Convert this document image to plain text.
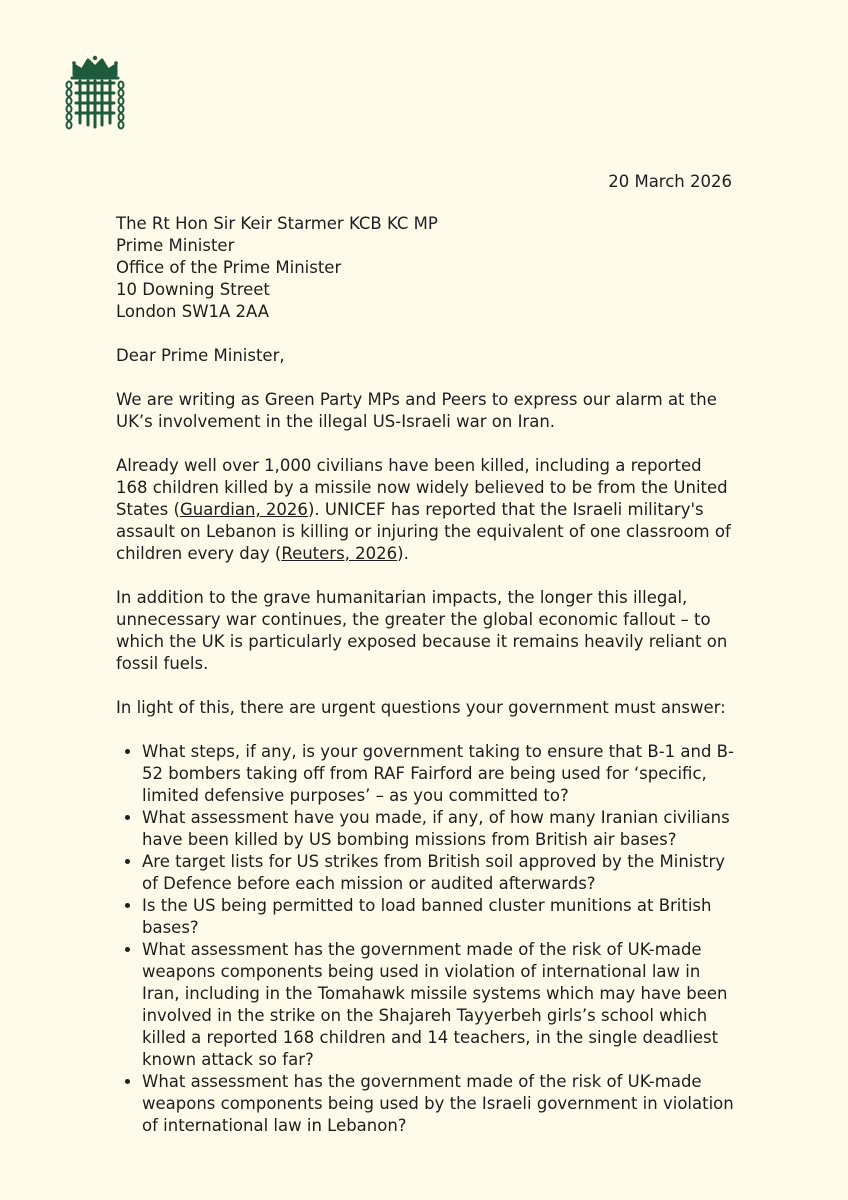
20 March 2026

The Rt Hon Sir Keir Starmer KCB KC MP

Prime Minister

Office of the Prime Minister

10 Downing Street

London SW1A 2AA

Dear Prime Minister,

We are writing as Green Party MPs and Peers to express our alarm at the UK’s involvement in the illegal US-Israeli war on Iran.

Already well over 1,000 civilians have been killed, including a reported 168 children killed by a missile now widely believed to be from the United States (Guardian, 2026). UNICEF has reported that the Israeli military's assault on Lebanon is killing or injuring the equivalent of one classroom of children every day (Reuters, 2026).

In addition to the grave humanitarian impacts, the longer this illegal, unnecessary war continues, the greater the global economic fallout – to which the UK is particularly exposed because it remains heavily reliant on fossil fuels.

In light of this, there are urgent questions your government must answer:

• What steps, if any, is your government taking to ensure that B-1 and B-52 bombers taking off from RAF Fairford are being used for ‘specific, limited defensive purposes’ – as you committed to?
• What assessment have you made, if any, of how many Iranian civilians have been killed by US bombing missions from British air bases?
• Are target lists for US strikes from British soil approved by the Ministry of Defence before each mission or audited afterwards?
• Is the US being permitted to load banned cluster munitions at British bases?
• What assessment has the government made of the risk of UK-made weapons components being used in violation of international law in Iran, including in the Tomahawk missile systems which may have been involved in the strike on the Shajareh Tayyerbeh girls’s school which killed a reported 168 children and 14 teachers, in the single deadliest known attack so far?
• What assessment has the government made of the risk of UK-made weapons components being used by the Israeli government in violation of international law in Lebanon?
